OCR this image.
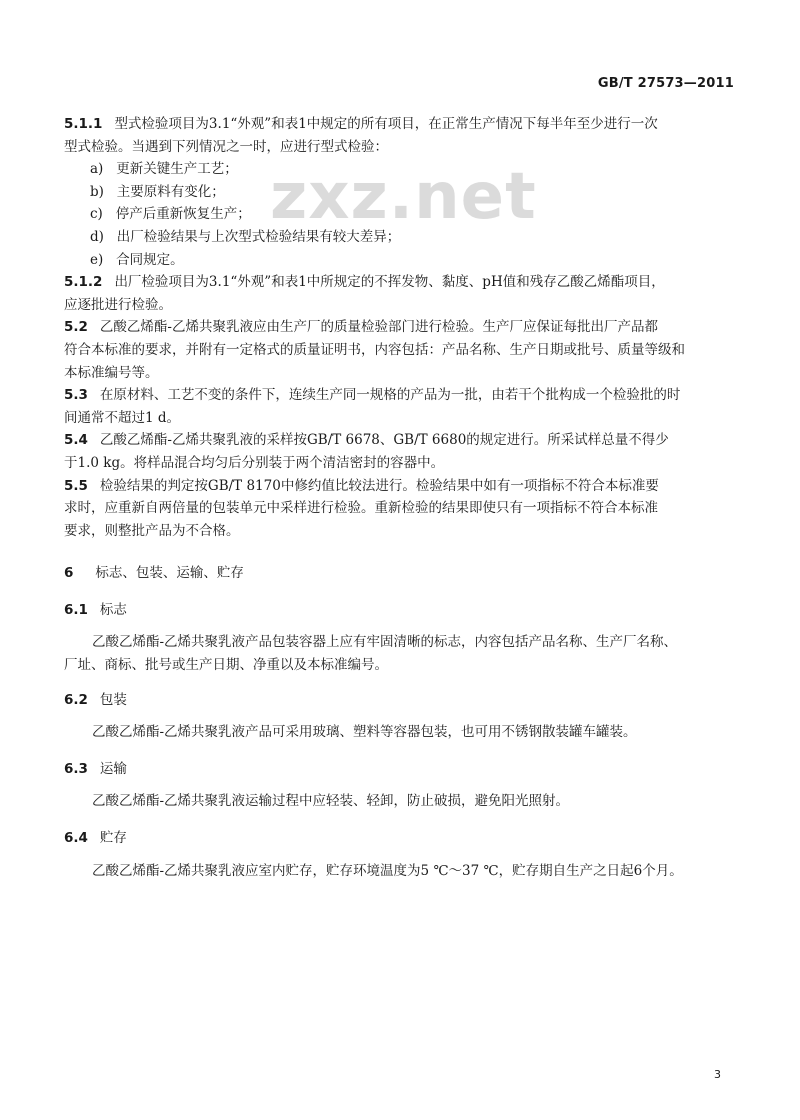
GB/T 27573—2011
zxz.net
5.1.1 型式检验项目为3.1“外观”和表1中规定的所有项目，在正常生产情况下每半年至少进行一次
型式检验。当遇到下列情况之一时，应进行型式检验：
a)   更新关键生产工艺；
b)   主要原料有变化；
c)   停产后重新恢复生产；
d)   出厂检验结果与上次型式检验结果有较大差异；
e)   合同规定。
5.1.2 出厂检验项目为3.1“外观”和表1中所规定的不挥发物、黏度、pH值和残存乙酸乙烯酯项目，
应逐批进行检验。
5.2 乙酸乙烯酯-乙烯共聚乳液应由生产厂的质量检验部门进行检验。生产厂应保证每批出厂产品都
符合本标准的要求，并附有一定格式的质量证明书，内容包括：产品名称、生产日期或批号、质量等级和
本标准编号等。
5.3 在原材料、工艺不变的条件下，连续生产同一规格的产品为一批，由若干个批构成一个检验批的时
间通常不超过1 d。
5.4 乙酸乙烯酯-乙烯共聚乳液的采样按GB/T 6678、GB/T 6680的规定进行。所采试样总量不得少
于1.0 kg。将样品混合均匀后分别装于两个清洁密封的容器中。
5.5 检验结果的判定按GB/T 8170中修约值比较法进行。检验结果中如有一项指标不符合本标准要
求时，应重新自两倍量的包装单元中采样进行检验。重新检验的结果即使只有一项指标不符合本标准
要求，则整批产品为不合格。
6 标志、包装、运输、贮存
6.1 标志
乙酸乙烯酯-乙烯共聚乳液产品包装容器上应有牢固清晰的标志，内容包括产品名称、生产厂名称、
厂址、商标、批号或生产日期、净重以及本标准编号。
6.2 包装
乙酸乙烯酯-乙烯共聚乳液产品可采用玻璃、塑料等容器包装，也可用不锈钢散装罐车罐装。
6.3 运输
乙酸乙烯酯-乙烯共聚乳液运输过程中应轻装、轻卸，防止破损，避免阳光照射。
6.4 贮存
乙酸乙烯酯-乙烯共聚乳液应室内贮存，贮存环境温度为5 ℃～37 ℃，贮存期自生产之日起6个月。
3
